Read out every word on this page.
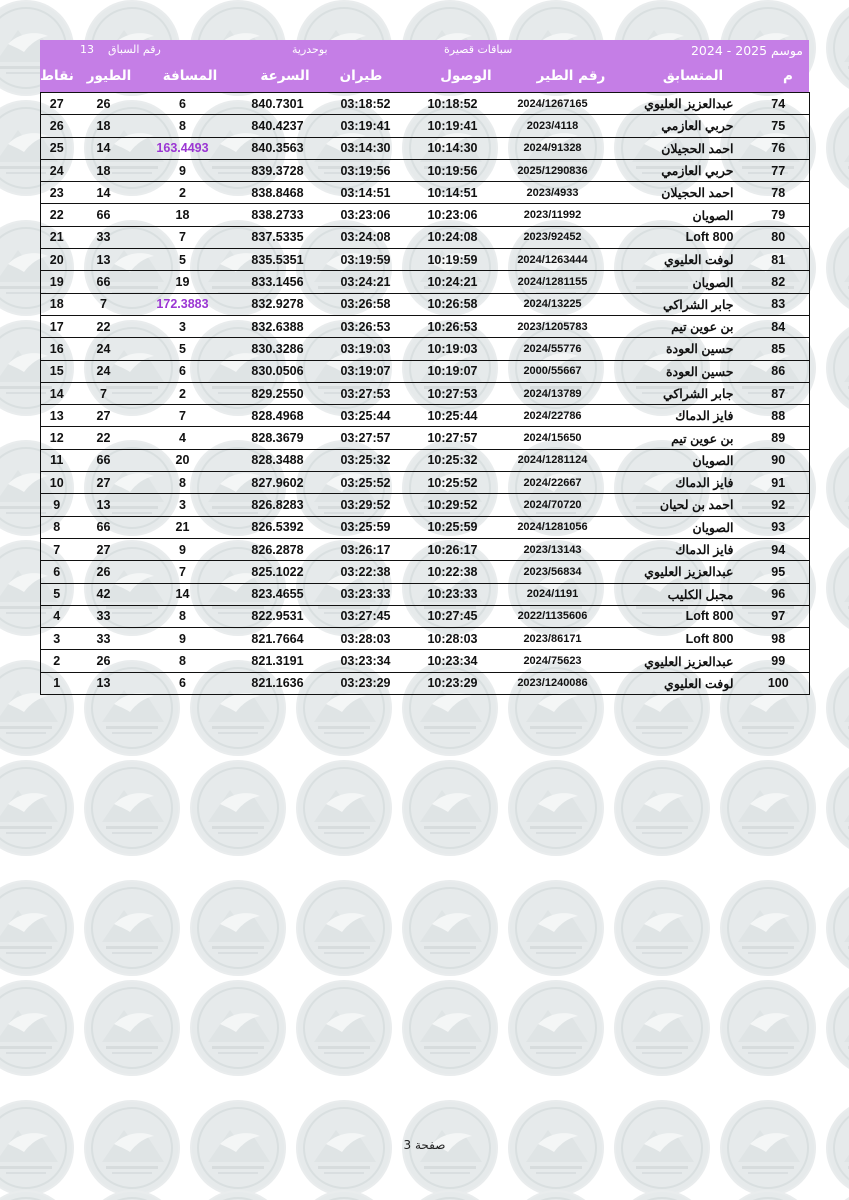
13 رقم السباق	بوحدرية	سباقات قصيرة	موسم 2025 - 2024
نقاط الطيور	المسافة	السرعة	طيران	الوصول	رقم الطير	المتسابق	م
27	26	6	840.7301	03:18:52	10:18:52	2024/1267165	عبدالعزيز العليوي	74
26	18	8	840.4237	03:19:41	10:19:41	2023/4118	حربي العازمي	75
25	14	163.4493	840.3563	03:14:30	10:14:30	2024/91328	احمد الحجيلان	76
24	18	9	839.3728	03:19:56	10:19:56	2025/1290836	حربي العازمي	77
23	14	2	838.8468	03:14:51	10:14:51	2023/4933	احمد الحجيلان	78
22	66	18	838.2733	03:23:06	10:23:06	2023/11992	الصويان	79
21	33	7	837.5335	03:24:08	10:24:08	2023/92452	Loft 800	80
20	13	5	835.5351	03:19:59	10:19:59	2024/1263444	لوفت العليوي	81
19	66	19	833.1456	03:24:21	10:24:21	2024/1281155	الصويان	82
18	7	172.3883	832.9278	03:26:58	10:26:58	2024/13225	جابر الشراكي	83
17	22	3	832.6388	03:26:53	10:26:53	2023/1205783	بن عوين تيم	84
16	24	5	830.3286	03:19:03	10:19:03	2024/55776	حسين العودة	85
15	24	6	830.0506	03:19:07	10:19:07	2000/55667	حسين العودة	86
14	7	2	829.2550	03:27:53	10:27:53	2024/13789	جابر الشراكي	87
13	27	7	828.4968	03:25:44	10:25:44	2024/22786	فايز الدماك	88
12	22	4	828.3679	03:27:57	10:27:57	2024/15650	بن عوين تيم	89
11	66	20	828.3488	03:25:32	10:25:32	2024/1281124	الصويان	90
10	27	8	827.9602	03:25:52	10:25:52	2024/22667	فايز الدماك	91
9	13	3	826.8283	03:29:52	10:29:52	2024/70720	احمد بن لحيان	92
8	66	21	826.5392	03:25:59	10:25:59	2024/1281056	الصويان	93
7	27	9	826.2878	03:26:17	10:26:17	2023/13143	فايز الدماك	94
6	26	7	825.1022	03:22:38	10:22:38	2023/56834	عبدالعزيز العليوي	95
5	42	14	823.4655	03:23:33	10:23:33	2024/1191	مجبل الكليب	96
4	33	8	822.9531	03:27:45	10:27:45	2022/1135606	Loft 800	97
3	33	9	821.7664	03:28:03	10:28:03	2023/86171	Loft 800	98
2	26	8	821.3191	03:23:34	10:23:34	2024/75623	عبدالعزيز العليوي	99
1	13	6	821.1636	03:23:29	10:23:29	2023/1240086	لوفت العليوي	100
صفحة 3
